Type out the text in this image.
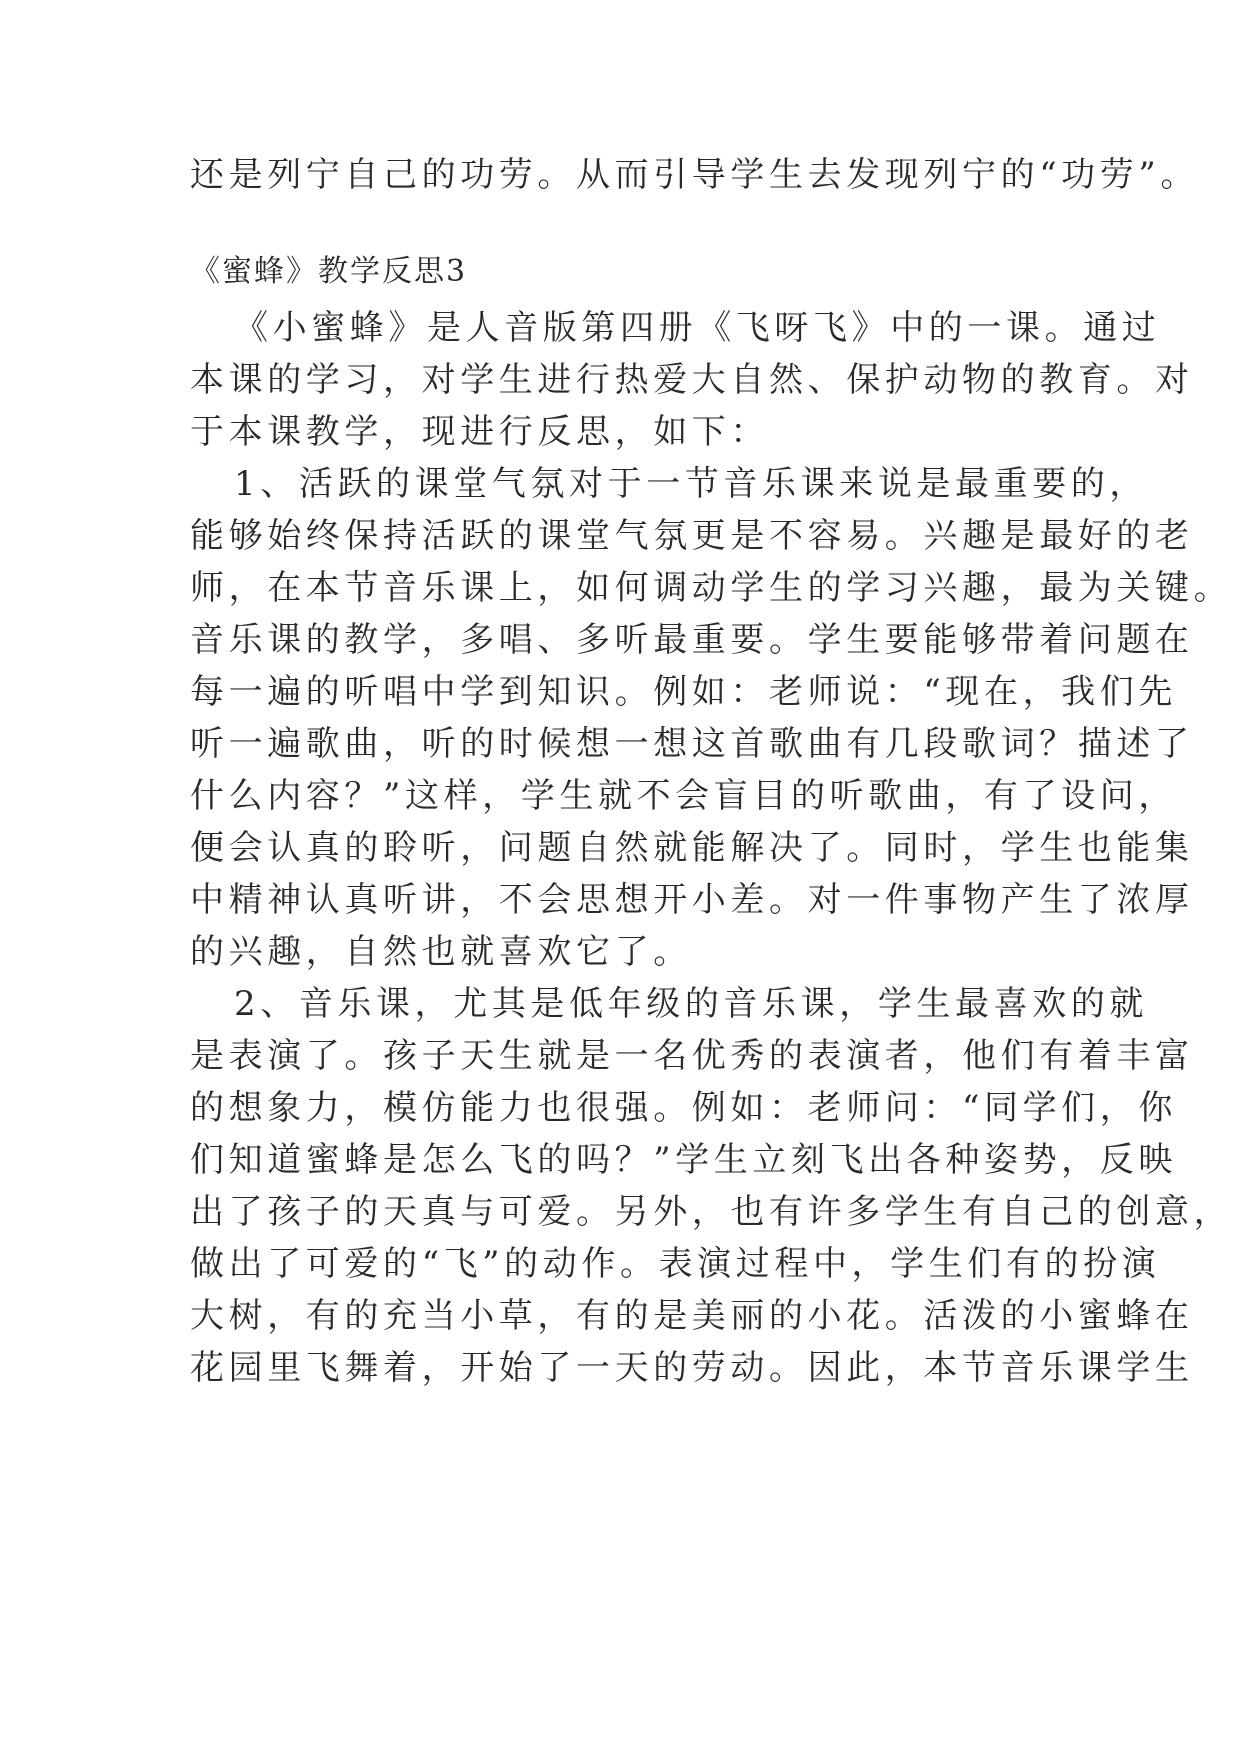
还是列宁自己的功劳。从而引导学生去发现列宁的“功劳”。
《蜜蜂》教学反思3
《小蜜蜂》是人音版第四册《飞呀飞》中的一课。通过
本课的学习，对学生进行热爱大自然、保护动物的教育。对
于本课教学，现进行反思，如下：
1、活跃的课堂气氛对于一节音乐课来说是最重要的，
能够始终保持活跃的课堂气氛更是不容易。兴趣是最好的老
师，在本节音乐课上，如何调动学生的学习兴趣，最为关键。
音乐课的教学，多唱、多听最重要。学生要能够带着问题在
每一遍的听唱中学到知识。例如：老师说：“现在，我们先
听一遍歌曲，听的时候想一想这首歌曲有几段歌词？描述了
什么内容？”这样，学生就不会盲目的听歌曲，有了设问，
便会认真的聆听，问题自然就能解决了。同时，学生也能集
中精神认真听讲，不会思想开小差。对一件事物产生了浓厚
的兴趣，自然也就喜欢它了。
2、音乐课，尤其是低年级的音乐课，学生最喜欢的就
是表演了。孩子天生就是一名优秀的表演者，他们有着丰富
的想象力，模仿能力也很强。例如：老师问：“同学们，你
们知道蜜蜂是怎么飞的吗？”学生立刻飞出各种姿势，反映
出了孩子的天真与可爱。另外，也有许多学生有自己的创意，
做出了可爱的“飞”的动作。表演过程中，学生们有的扮演
大树，有的充当小草，有的是美丽的小花。活泼的小蜜蜂在
花园里飞舞着，开始了一天的劳动。因此，本节音乐课学生
